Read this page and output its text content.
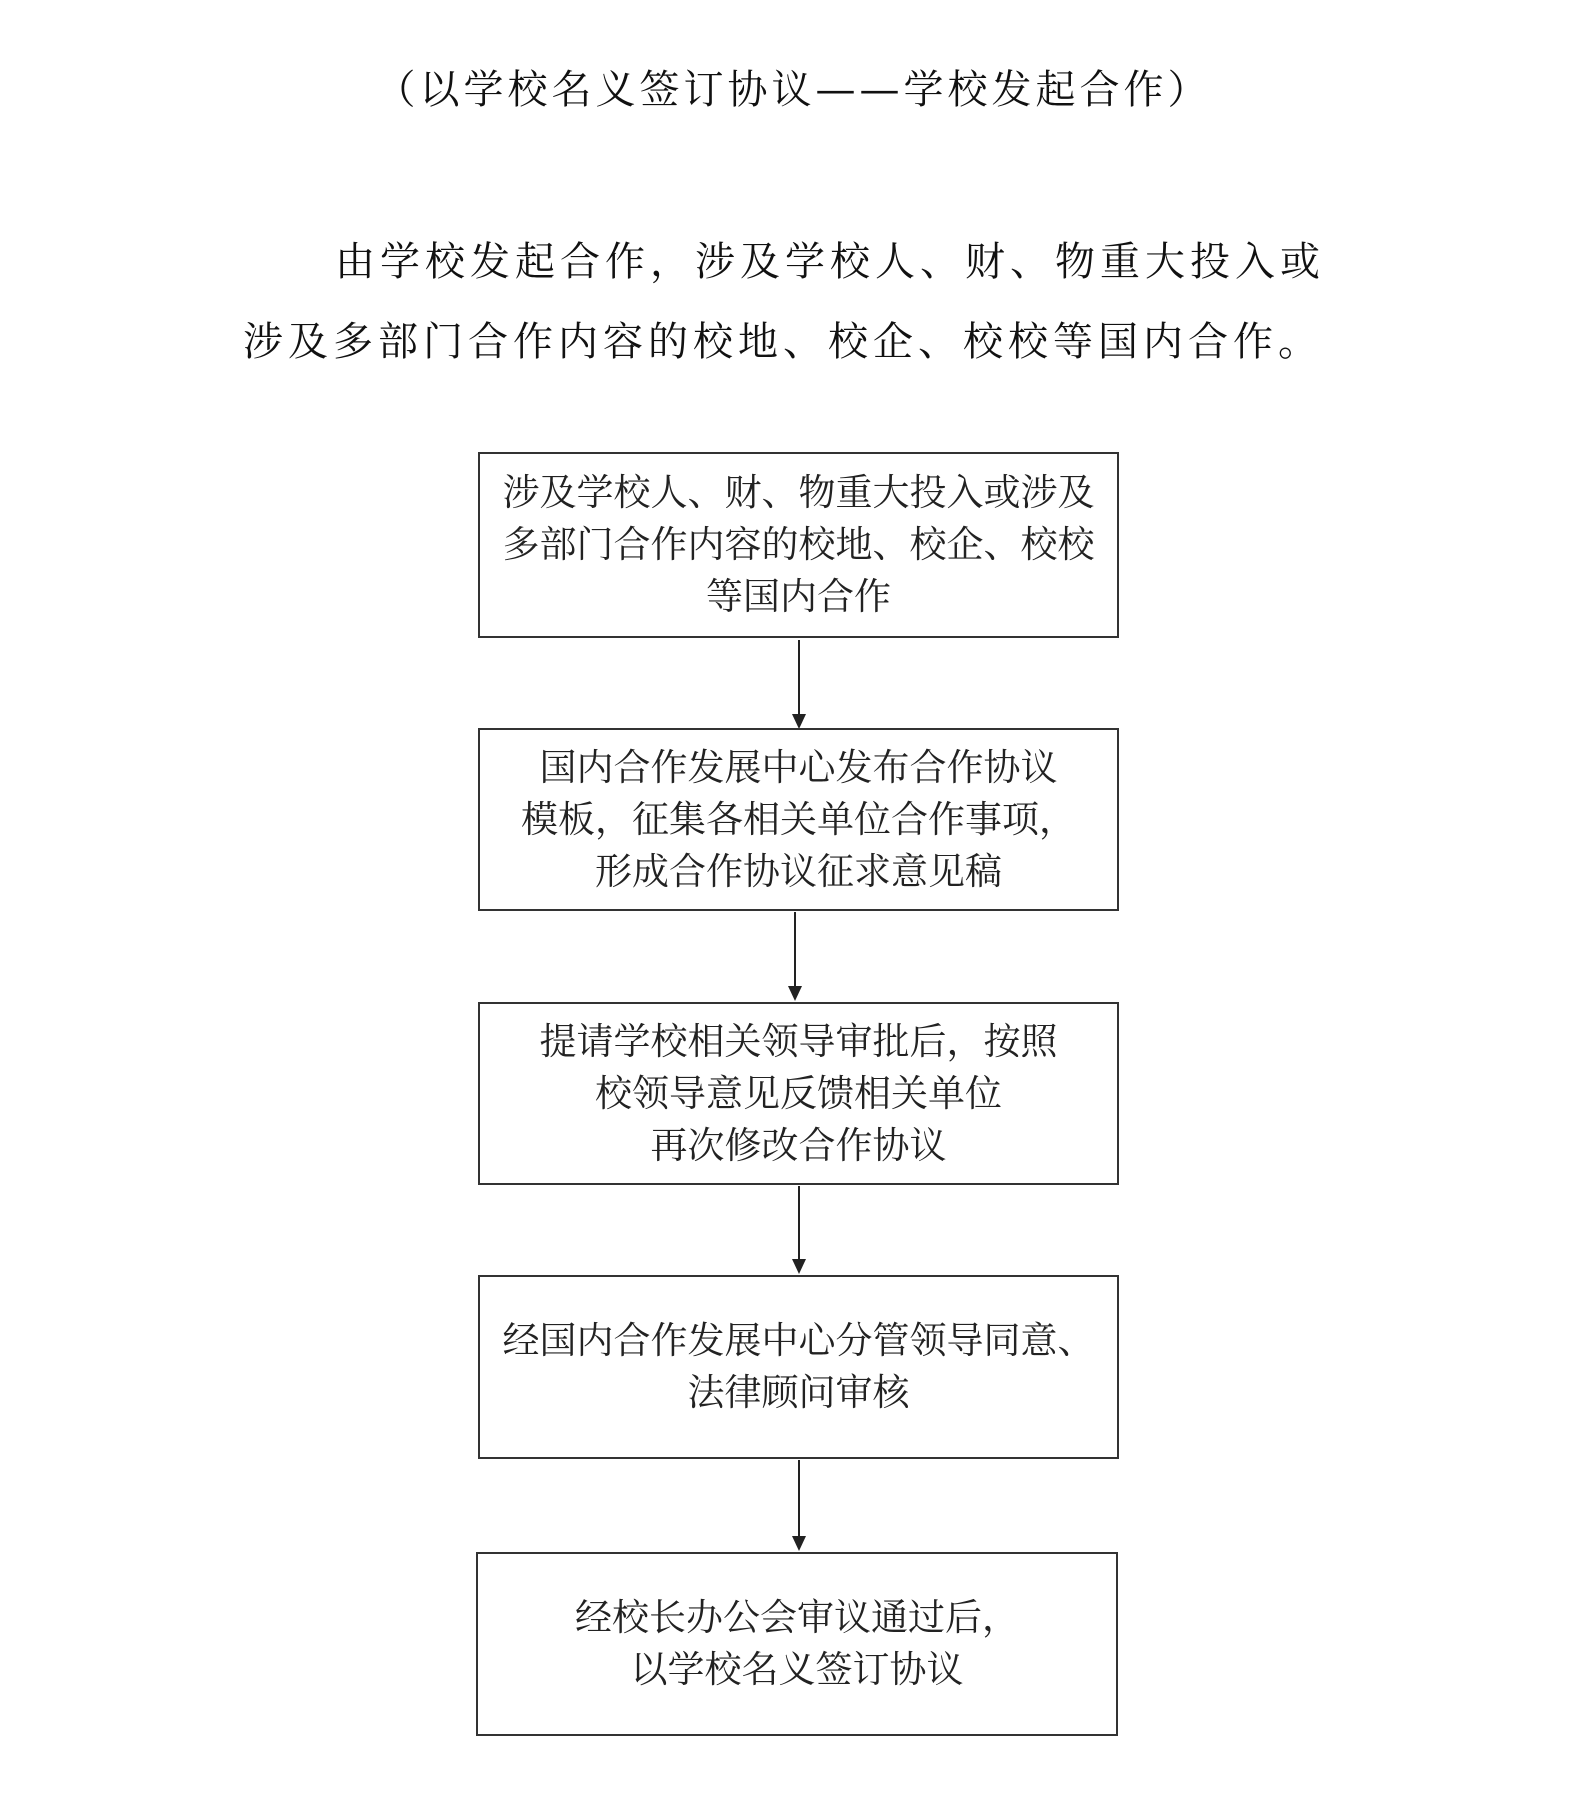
（以学校名义签订协议——学校发起合作）

由学校发起合作，涉及学校人、财、物重大投入或涉及多部门合作内容的校地、校企、校校等国内合作。

涉及学校人、财、物重大投入或涉及
多部门合作内容的校地、校企、校校
等国内合作
国内合作发展中心发布合作协议
模板，征集各相关单位合作事项，
形成合作协议征求意见稿
提请学校相关领导审批后，按照
校领导意见反馈相关单位
再次修改合作协议
经国内合作发展中心分管领导同意、
法律顾问审核
经校长办公会审议通过后，
以学校名义签订协议
